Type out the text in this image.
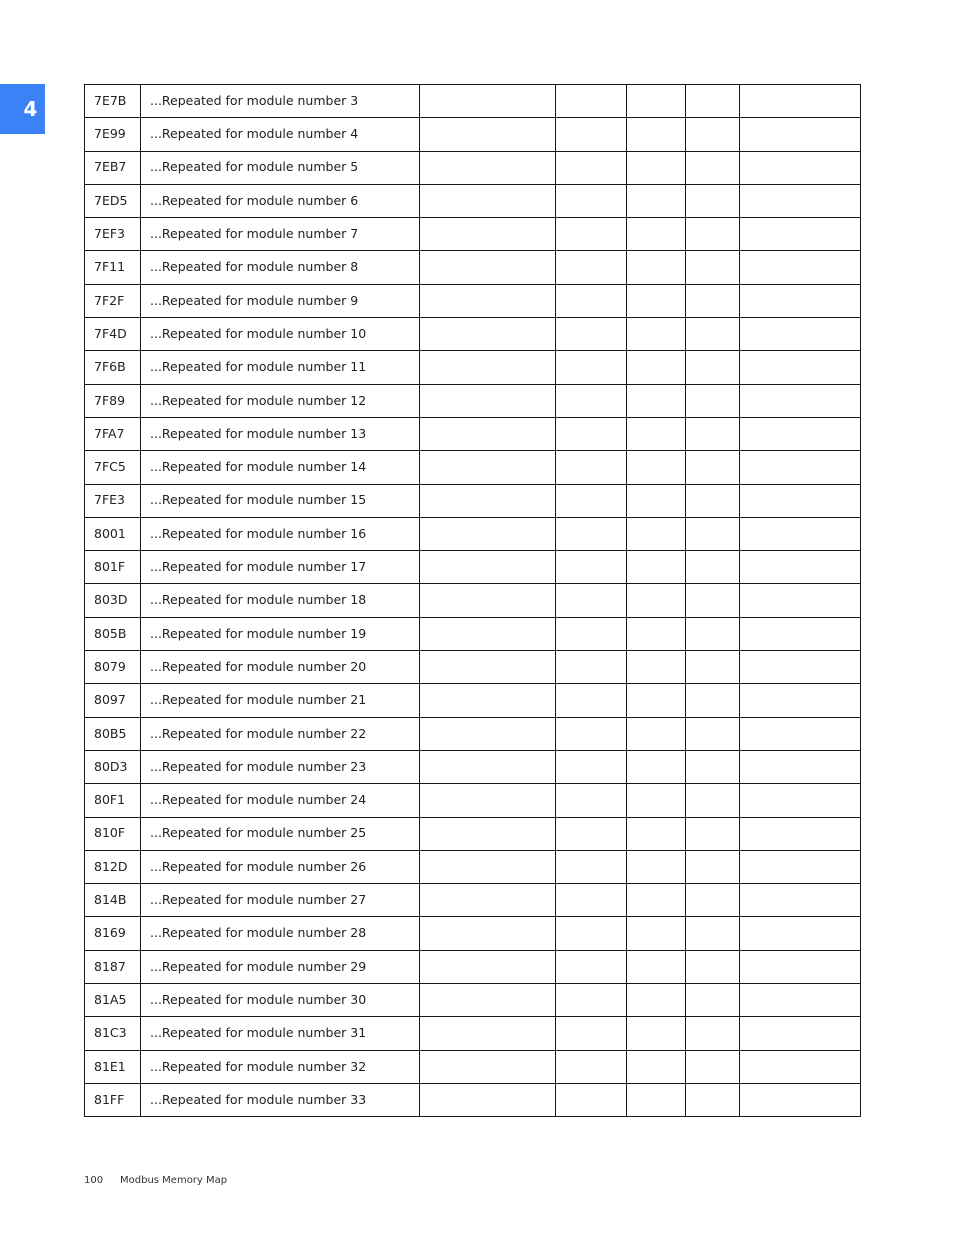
4	7E7B	...Repeated for module number 3					
7E99	...Repeated for module number 4					
7EB7	...Repeated for module number 5					
7ED5	...Repeated for module number 6					
7EF3	...Repeated for module number 7					
7F11	...Repeated for module number 8					
7F2F	...Repeated for module number 9					
7F4D	...Repeated for module number 10					
7F6B	...Repeated for module number 11					
7F89	...Repeated for module number 12					
7FA7	...Repeated for module number 13					
7FC5	...Repeated for module number 14					
7FE3	...Repeated for module number 15					
8001	...Repeated for module number 16					
801F	...Repeated for module number 17					
803D	...Repeated for module number 18					
805B	...Repeated for module number 19					
8079	...Repeated for module number 20					
8097	...Repeated for module number 21					
80B5	...Repeated for module number 22					
80D3	...Repeated for module number 23					
80F1	...Repeated for module number 24					
810F	...Repeated for module number 25					
812D	...Repeated for module number 26					
814B	...Repeated for module number 27					
8169	...Repeated for module number 28					
8187	...Repeated for module number 29					
81A5	...Repeated for module number 30					
81C3	...Repeated for module number 31					
81E1	...Repeated for module number 32					
81FF	...Repeated for module number 33					
100 Modbus Memory Map
